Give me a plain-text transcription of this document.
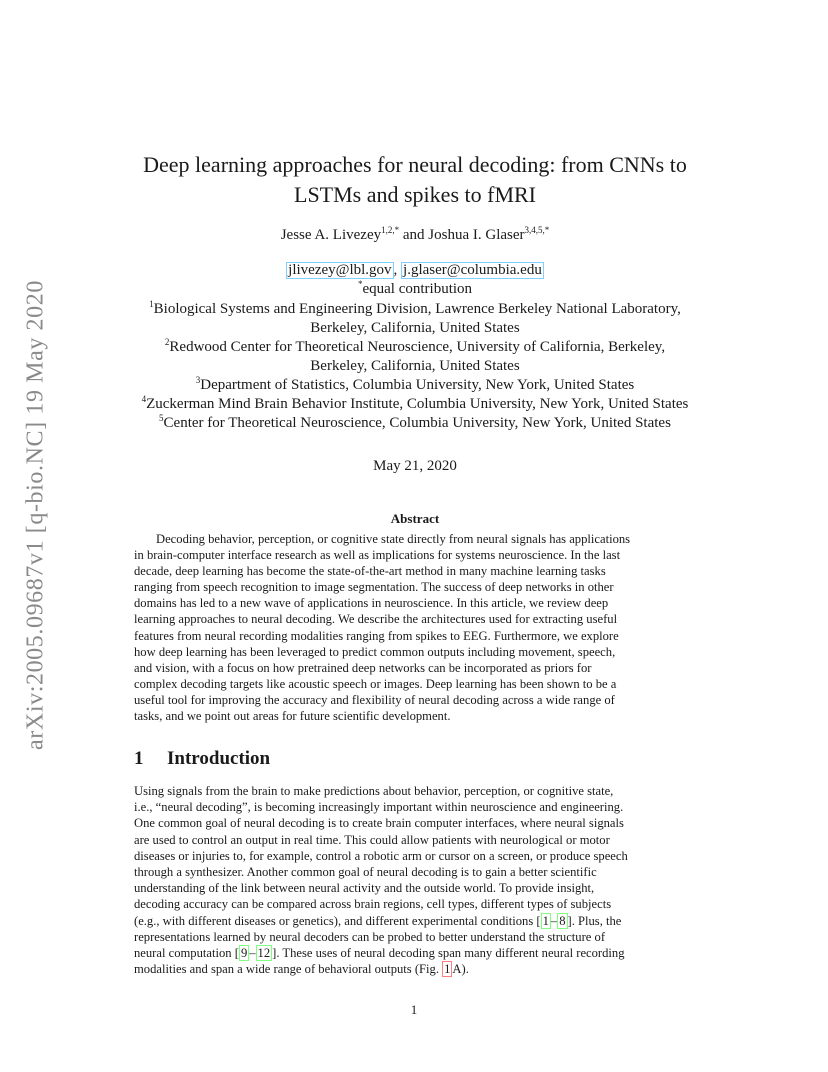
arXiv:2005.09687v1 [q-bio.NC] 19 May 2020
Deep learning approaches for neural decoding: from CNNs to
LSTMs and spikes to fMRI
Jesse A. Livezey$^{1,2,*}$ and Joshua I. Glaser$^{3,4,5,*}$
jlivezey@lbl.gov , j.glaser@columbia.edu
*equal contribution
$^1$Biological Systems and Engineering Division, Lawrence Berkeley National Laboratory,
Berkeley, California, United States
$^2$Redwood Center for Theoretical Neuroscience, University of California, Berkeley,
Berkeley, California, United States
$^3$Department of Statistics, Columbia University, New York, United States
$^4$Zuckerman Mind Brain Behavior Institute, Columbia University, New York, United States
$^5$Center for Theoretical Neuroscience, Columbia University, New York, United States
May 21, 2020
Abstract
Decoding behavior, perception, or cognitive state directly from neural signals has applications
in brain-computer interface research as well as implications for systems neuroscience. In the last
decade, deep learning has become the state-of-the-art method in many machine learning tasks
ranging from speech recognition to image segmentation. The success of deep networks in other
domains has led to a new wave of applications in neuroscience. In this article, we review deep
learning approaches to neural decoding. We describe the architectures used for extracting useful
features from neural recording modalities ranging from spikes to EEG. Furthermore, we explore
how deep learning has been leveraged to predict common outputs including movement, speech,
and vision, with a focus on how pretrained deep networks can be incorporated as priors for
complex decoding targets like acoustic speech or images. Deep learning has been shown to be a
useful tool for improving the accuracy and flexibility of neural decoding across a wide range of
tasks, and we point out areas for future scientific development.
1 Introduction
Using signals from the brain to make predictions about behavior, perception, or cognitive state,
i.e., “neural decoding”, is becoming increasingly important within neuroscience and engineering.
One common goal of neural decoding is to create brain computer interfaces, where neural signals
are used to control an output in real time. This could allow patients with neurological or motor
diseases or injuries to, for example, control a robotic arm or cursor on a screen, or produce speech
through a synthesizer. Another common goal of neural decoding is to gain a better scientific
understanding of the link between neural activity and the outside world. To provide insight,
decoding accuracy can be compared across brain regions, cell types, different types of subjects
(e.g., with different diseases or genetics), and different experimental conditions [ 1 – 8 ]. Plus, the
representations learned by neural decoders can be probed to better understand the structure of
neural computation [ 9 – 12 ]. These uses of neural decoding span many different neural recording
modalities and span a wide range of behavioral outputs (Fig. 1 A).
1
